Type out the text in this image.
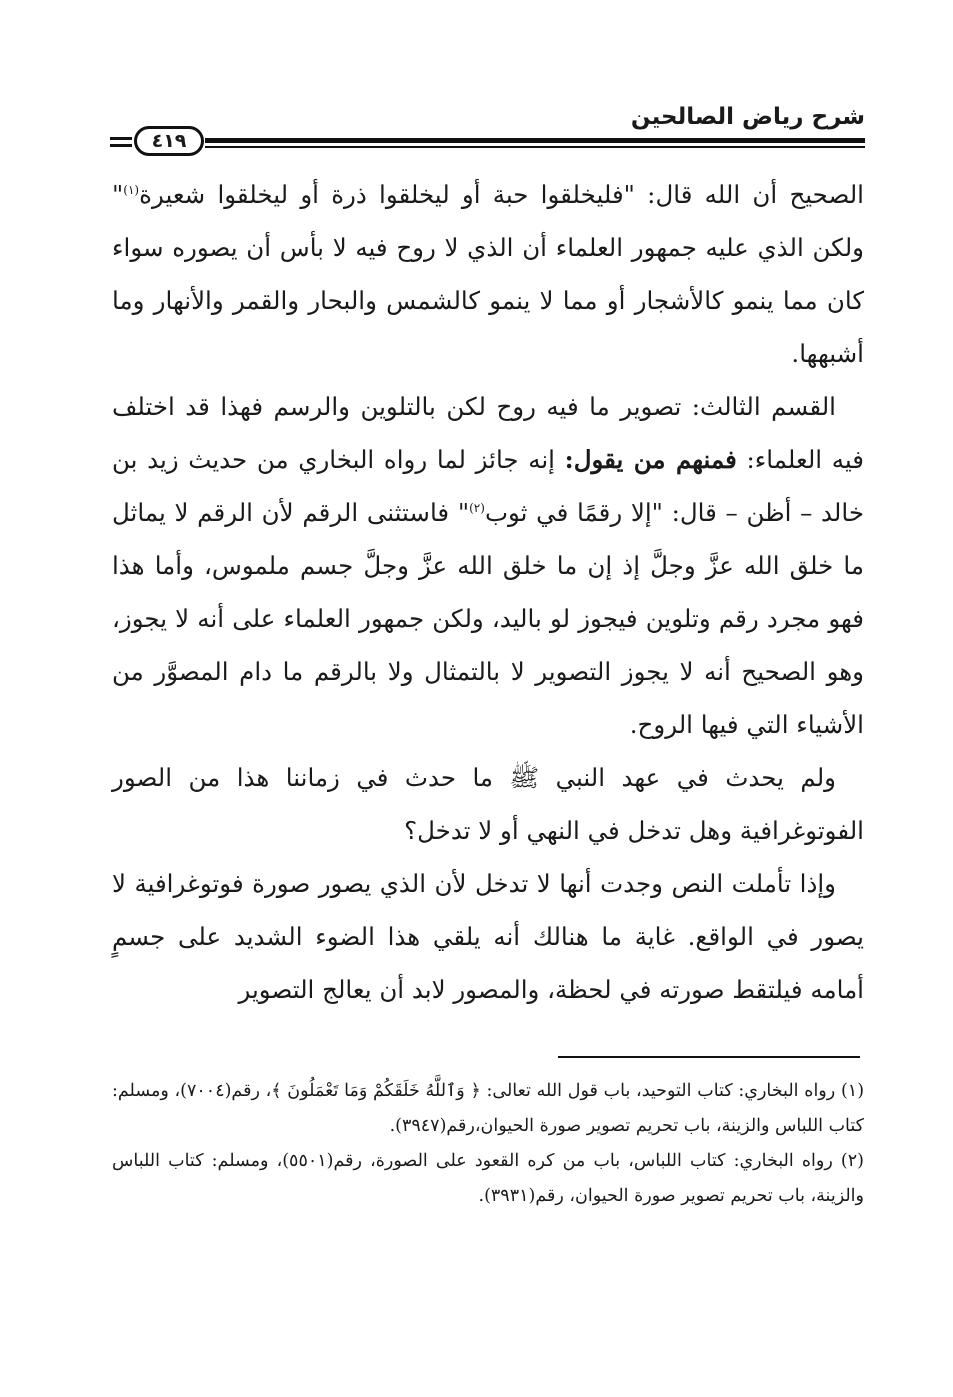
شرح رياض الصالحين
٤١٩

الصحيح أن الله قال: "فليخلقوا حبة أو ليخلقوا ذرة أو ليخلقوا شعيرة$^{(١)}$" ولكن الذي عليه جمهور العلماء أن الذي لا روح فيه لا بأس أن يصوره سواء كان مما ينمو كالأشجار أو مما لا ينمو كالشمس والبحار والقمر والأنهار وما أشبهها.

القسم الثالث: تصوير ما فيه روح لكن بالتلوين والرسم فهذا قد اختلف فيه العلماء: فمنهم من يقول: إنه جائز لما رواه البخاري من حديث زيد بن خالد – أظن – قال: "إلا رقمًا في ثوب$^{(٢)}$" فاستثنى الرقم لأن الرقم لا يماثل ما خلق الله عزَّ وجلَّ إذ إن ما خلق الله عزَّ وجلَّ جسم ملموس، وأما هذا فهو مجرد رقم وتلوين فيجوز لو باليد، ولكن جمهور العلماء على أنه لا يجوز، وهو الصحيح أنه لا يجوز التصوير لا بالتمثال ولا بالرقم ما دام المصوَّر من الأشياء التي فيها الروح.

ولم يحدث في عهد النبي ﷺ ما حدث في زماننا هذا من الصور الفوتوغرافية وهل تدخل في النهي أو لا تدخل؟

وإذا تأملت النص وجدت أنها لا تدخل لأن الذي يصور صورة فوتوغرافية لا يصور في الواقع. غاية ما هنالك أنه يلقي هذا الضوء الشديد على جسمٍ أمامه فيلتقط صورته في لحظة، والمصور لابد أن يعالج التصوير

(١) رواه البخاري: كتاب التوحيد، باب قول الله تعالى: ﴿ وَٱللَّهُ خَلَقَكُمْ وَمَا تَعْمَلُونَ ﴾، رقم(٧٠٠٤)، ومسلم: كتاب اللباس والزينة، باب تحريم تصوير صورة الحيوان،رقم(٣٩٤٧).

(٢) رواه البخاري: كتاب اللباس، باب من كره القعود على الصورة، رقم(٥٥٠١)، ومسلم: كتاب اللباس والزينة، باب تحريم تصوير صورة الحيوان، رقم(٣٩٣١).
